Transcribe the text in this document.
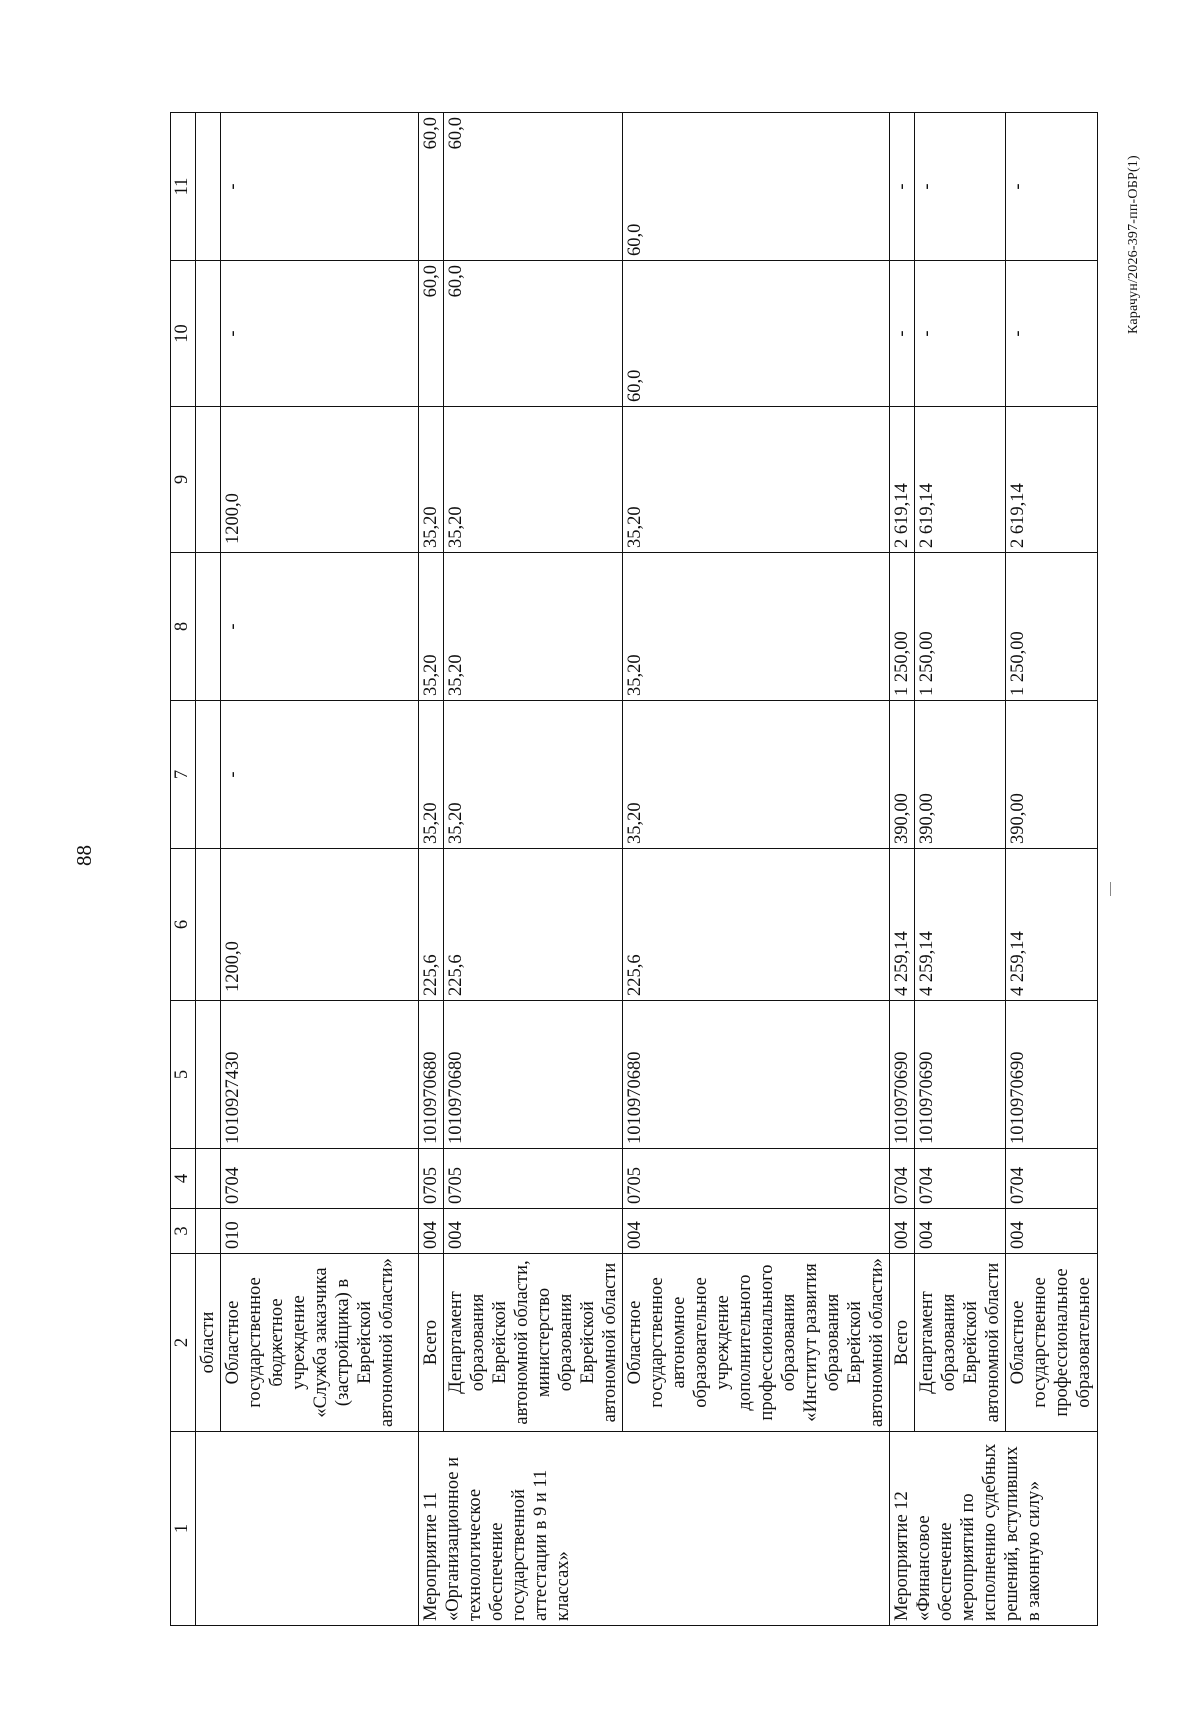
88
1	2	3	4	5	6	7	8	9	10	11
	области									
	Областное государственное бюджетное учреждение «Служба заказчика (застройщика) в Еврейской автономной области»	010	0704	1010927430	1200,0	-	-	1200,0	-	-
Мероприятие 11 «Организационное и технологическое обеспечение государственной аттестации в 9 и 11 классах»	Всего	004	0705	1010970680	225,6	35,20	35,20	35,20	60,0	60,0
	Департамент образования Еврейской автономной области, министерство образования Еврейской автономной области	004	0705	1010970680	225,6	35,20	35,20	35,20	60,0	60,0
	Областное государственное автономное образовательное учреждение дополнительного профессионального образования «Институт развития образования Еврейской автономной области»	004	0705	1010970680	225,6	35,20	35,20	35,20	60,0	60,0
Мероприятие 12 «Финансовое обеспечение мероприятий по исполнению судебных решений, вступивших в законную силу»	Всего	004	0704	1010970690	4 259,14	390,00	1 250,00	2 619,14	-	-
	Департамент образования Еврейской автономной области	004	0704	1010970690	4 259,14	390,00	1 250,00	2 619,14	-	-
	Областное государственное профессиональное образовательное	004	0704	1010970690	4 259,14	390,00	1 250,00	2 619,14	-	-	Карачун/2026-397-пп-ОБР(1)
